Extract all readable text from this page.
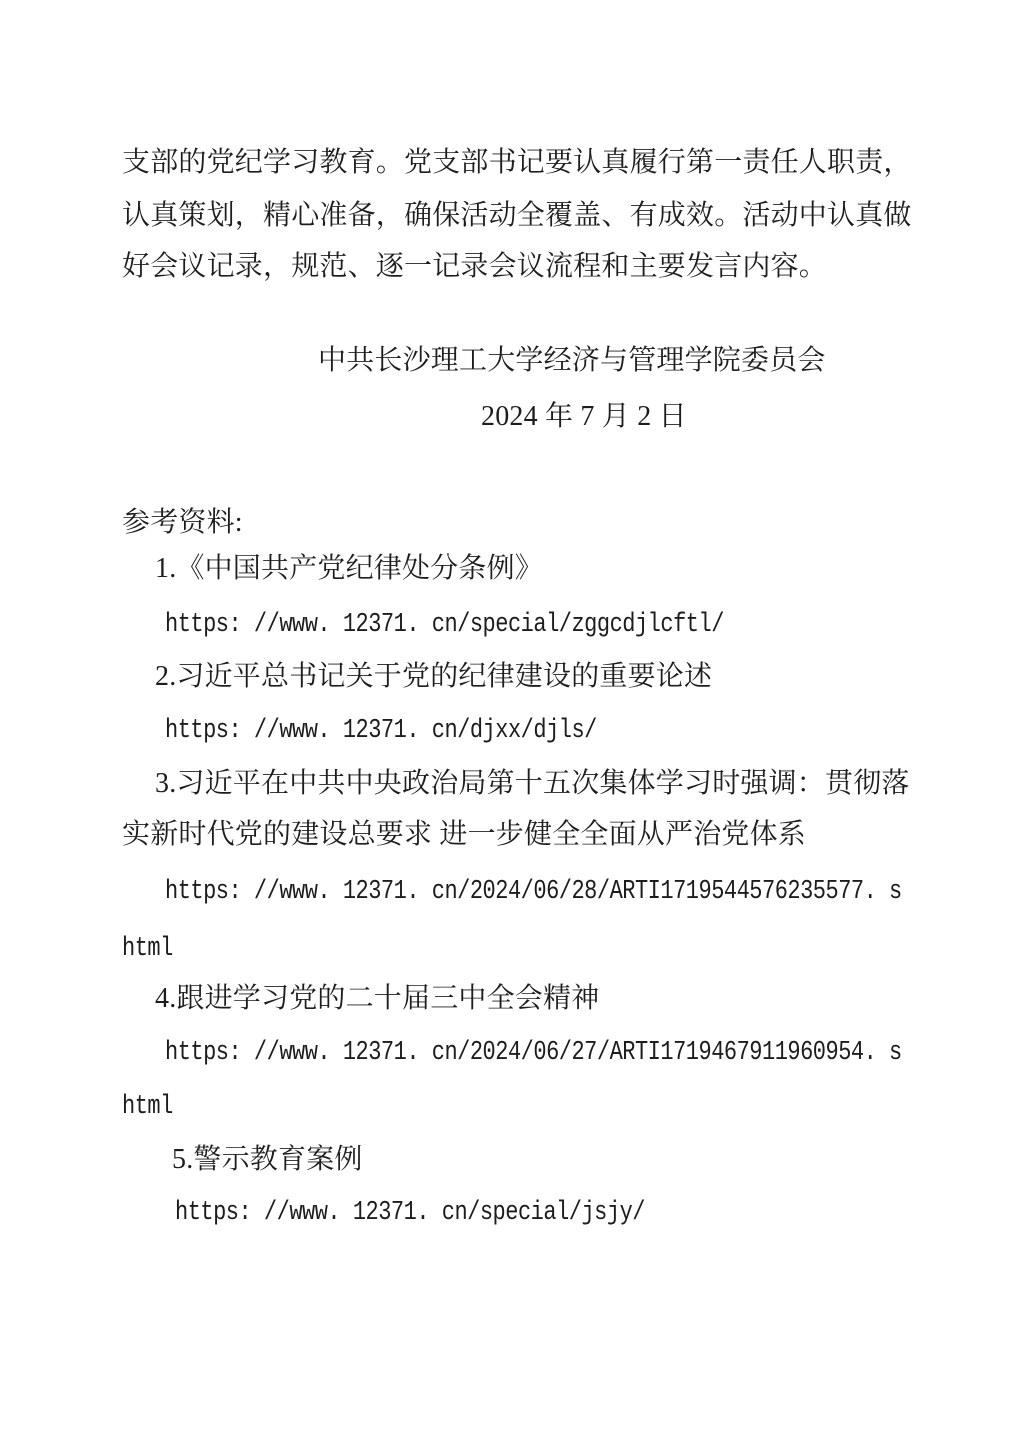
支部的党纪学习教育。党支部书记要认真履行第一责任人职责，
认真策划，精心准备，确保活动全覆盖、有成效。活动中认真做
好会议记录，规范、逐一记录会议流程和主要发言内容。
中共长沙理工大学经济与管理学院委员会
2024 年 7 月 2 日
参考资料:
1.《中国共产党纪律处分条例》
https: //www. 12371. cn/special/zggcdjlcftl/
2.习近平总书记关于党的纪律建设的重要论述
https: //www. 12371. cn/djxx/djls/
3.习近平在中共中央政治局第十五次集体学习时强调：贯彻落
实新时代党的建设总要求 进一步健全全面从严治党体系
https: //www. 12371. cn/2024/06/28/ARTI1719544576235577. s
html
4.跟进学习党的二十届三中全会精神
https: //www. 12371. cn/2024/06/27/ARTI1719467911960954. s
html
5.警示教育案例
https: //www. 12371. cn/special/jsjy/
